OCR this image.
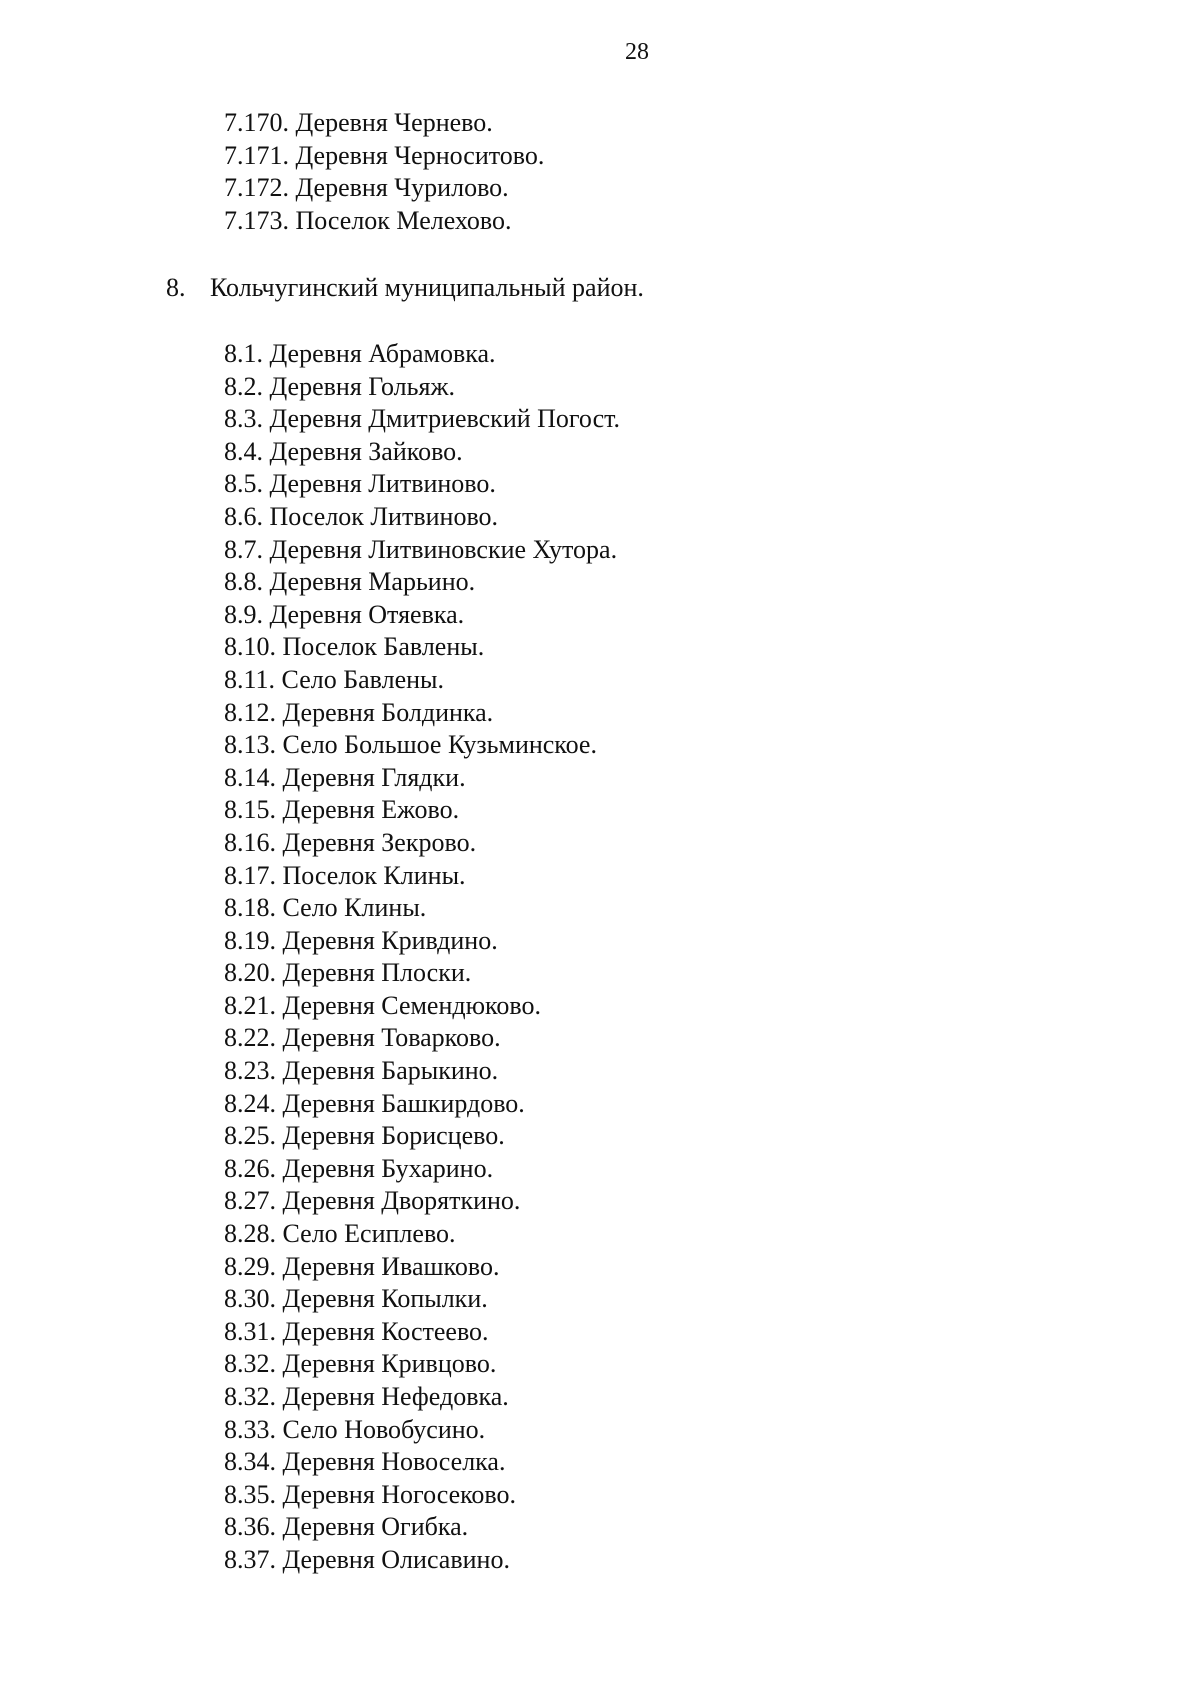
28
7.170. Деревня Чернево.
7.171. Деревня Черноситово.
7.172. Деревня Чурилово.
7.173. Поселок Мелехово.
8. Кольчугинский муниципальный район.
8.1. Деревня Абрамовка.
8.2. Деревня Гольяж.
8.3. Деревня Дмитриевский Погост.
8.4. Деревня Зайково.
8.5. Деревня Литвиново.
8.6. Поселок Литвиново.
8.7. Деревня Литвиновские Хутора.
8.8. Деревня Марьино.
8.9. Деревня Отяевка.
8.10. Поселок Бавлены.
8.11. Село Бавлены.
8.12. Деревня Болдинка.
8.13. Село Большое Кузьминское.
8.14. Деревня Глядки.
8.15. Деревня Ежово.
8.16. Деревня Зекрово.
8.17. Поселок Клины.
8.18. Село Клины.
8.19. Деревня Кривдино.
8.20. Деревня Плоски.
8.21. Деревня Семендюково.
8.22. Деревня Товарково.
8.23. Деревня Барыкино.
8.24. Деревня Башкирдово.
8.25. Деревня Борисцево.
8.26. Деревня Бухарино.
8.27. Деревня Дворяткино.
8.28. Село Есиплево.
8.29. Деревня Ивашково.
8.30. Деревня Копылки.
8.31. Деревня Костеево.
8.32. Деревня Кривцово.
8.32. Деревня Нефедовка.
8.33. Село Новобусино.
8.34. Деревня Новоселка.
8.35. Деревня Ногосеково.
8.36. Деревня Огибка.
8.37. Деревня Олисавино.
